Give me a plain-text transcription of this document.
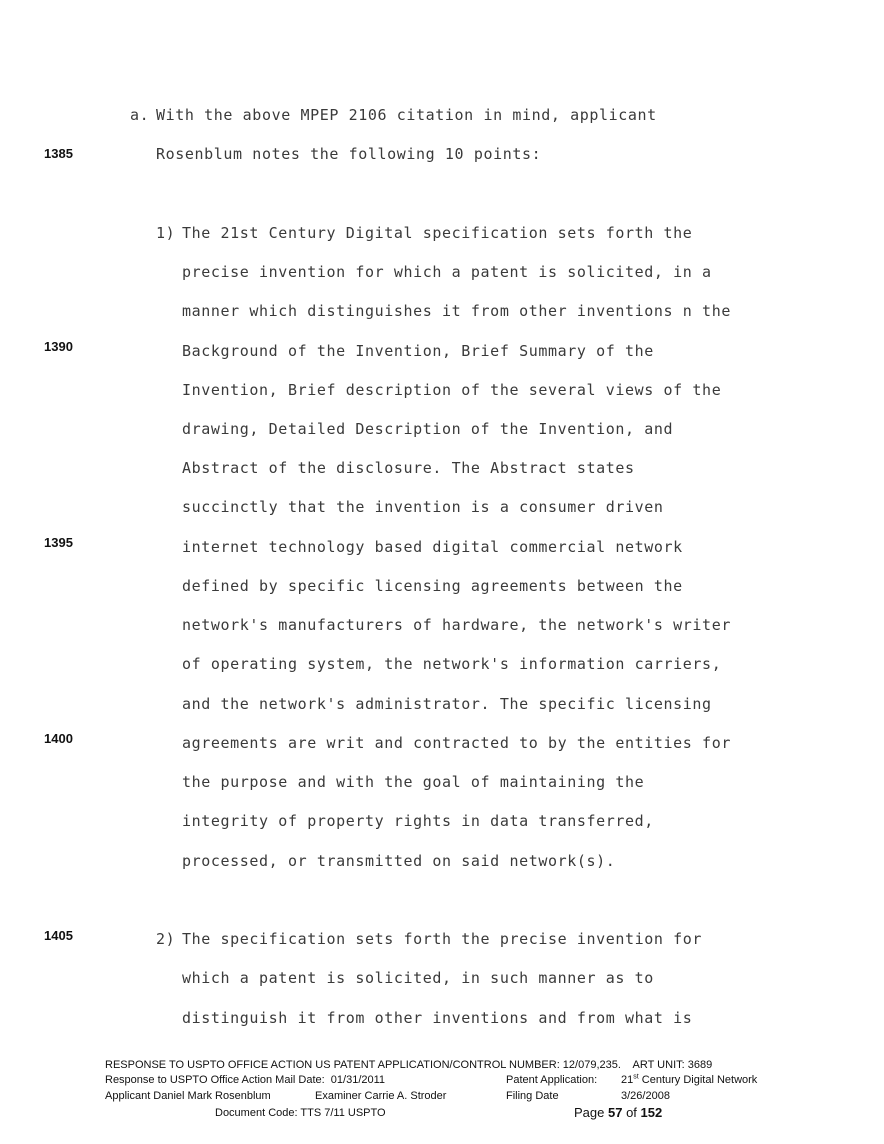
1385
1390
1395
1400
1405
a. With the above MPEP 2106 citation in mind, applicant
Rosenblum notes the following 10 points:
1) The 21st Century Digital specification sets forth the
precise invention for which a patent is solicited, in a
manner which distinguishes it from other inventions n the
Background of the Invention, Brief Summary of the
Invention, Brief description of the several views of the
drawing, Detailed Description of the Invention, and
Abstract of the disclosure. The Abstract states
succinctly that the invention is a consumer driven
internet technology based digital commercial network
defined by specific licensing agreements between the
network's manufacturers of hardware, the network's writer
of operating system, the network's information carriers,
and the network's administrator. The specific licensing
agreements are writ and contracted to by the entities for
the purpose and with the goal of maintaining the
integrity of property rights in data transferred,
processed, or transmitted on said network(s).
2) The specification sets forth the precise invention for
which a patent is solicited, in such manner as to
distinguish it from other inventions and from what is
RESPONSE TO USPTO OFFICE ACTION US PATENT APPLICATION/CONTROL NUMBER: 12/079,235.    ART UNIT: 3689
Response to USPTO Office Action Mail Date:  01/31/2011	Patent Application: 21st Century Digital Network
Applicant Daniel Mark Rosenblum	Examiner Carrie A. Stroder	Filing Date	3/26/2008
Document Code: TTS 7/11 USPTO	Page 57 of 152
